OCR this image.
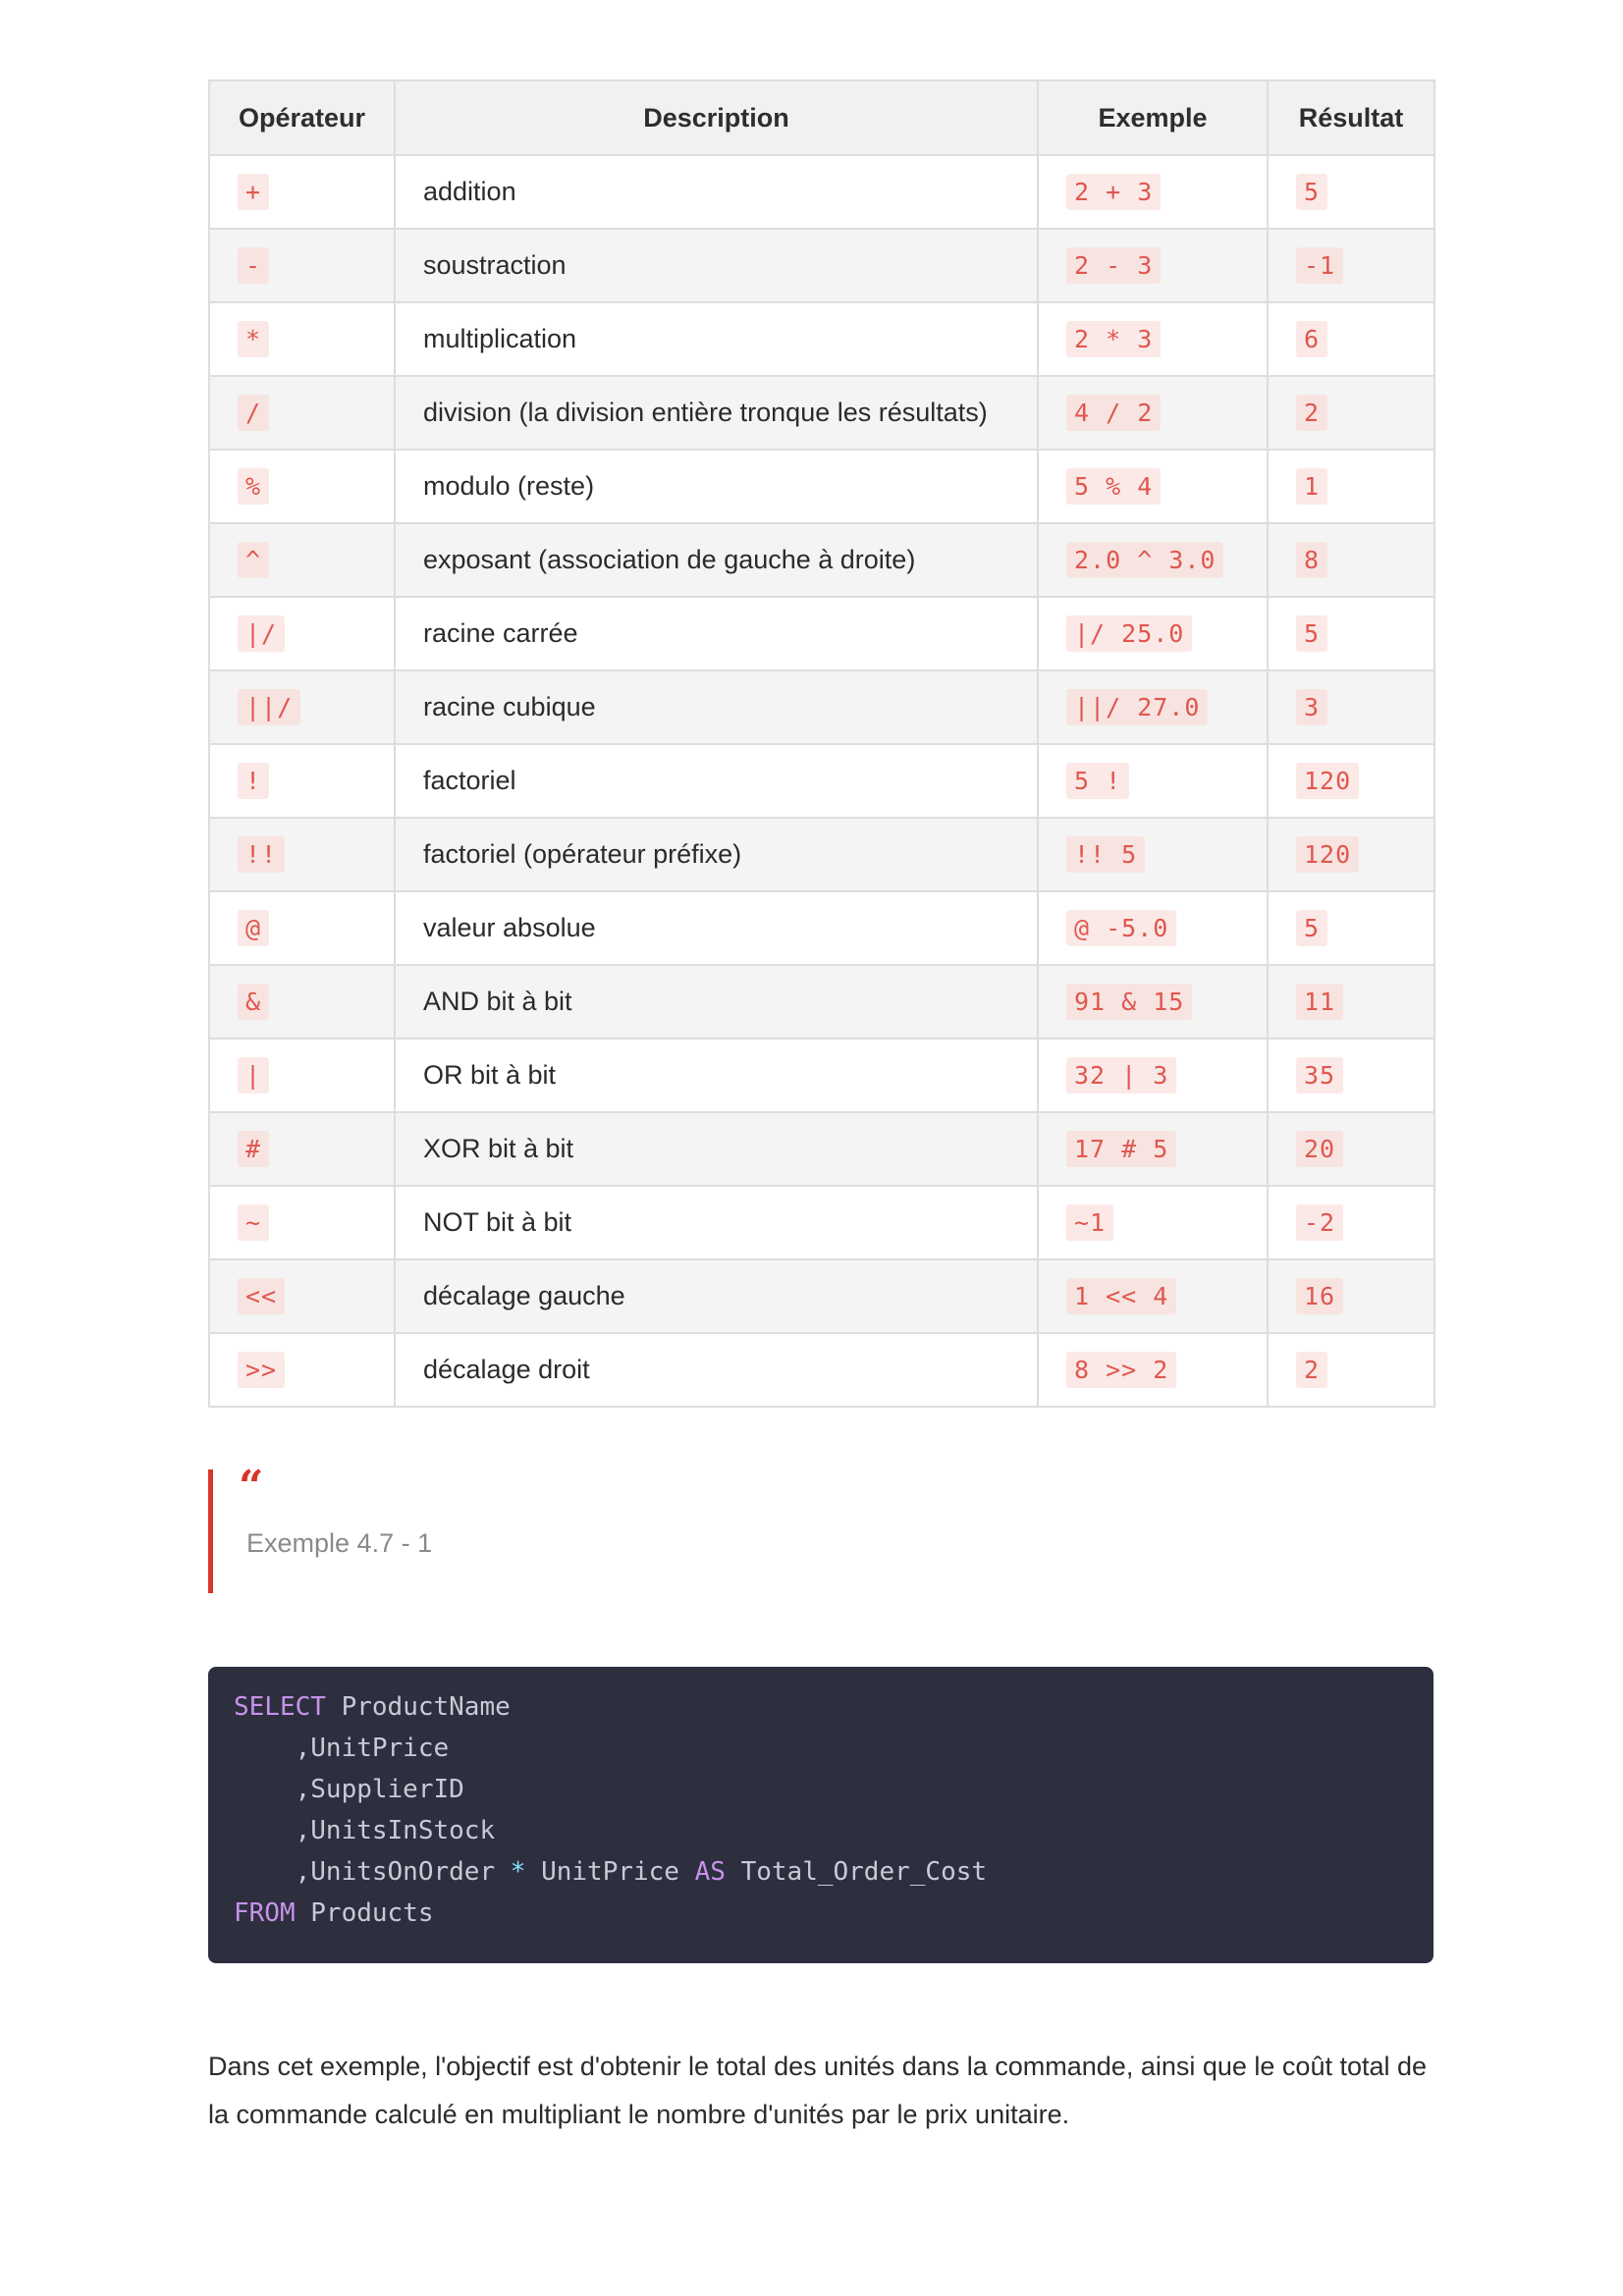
Opérateur	Description	Exemple	Résultat
+	addition	2 + 3	5
-	soustraction	2 - 3	-1
*	multiplication	2 * 3	6
/	division (la division entière tronque les résultats)	4 / 2	2
%	modulo (reste)	5 % 4	1
^	exposant (association de gauche à droite)	2.0 ^ 3.0	8
|/	racine carrée	|/ 25.0	5
||/	racine cubique	||/ 27.0	3
!	factoriel	5 !	120
!!	factoriel (opérateur préfixe)	!! 5	120
@	valeur absolue	@ -5.0	5
&	AND bit à bit	91 & 15	11
|	OR bit à bit	32 | 3	35
#	XOR bit à bit	17 # 5	20
~	NOT bit à bit	~1	-2
<<	décalage gauche	1 << 4	16
>>	décalage droit	8 >> 2	2
“
Exemple 4.7 - 1
SELECT ProductName
,UnitPrice
,SupplierID
,UnitsInStock
,UnitsOnOrder * UnitPrice AS Total_Order_Cost
FROM Products

Dans cet exemple, l'objectif est d'obtenir le total des unités dans la commande, ainsi que le coût total de la commande calculé en multipliant le nombre d'unités par le prix unitaire.
